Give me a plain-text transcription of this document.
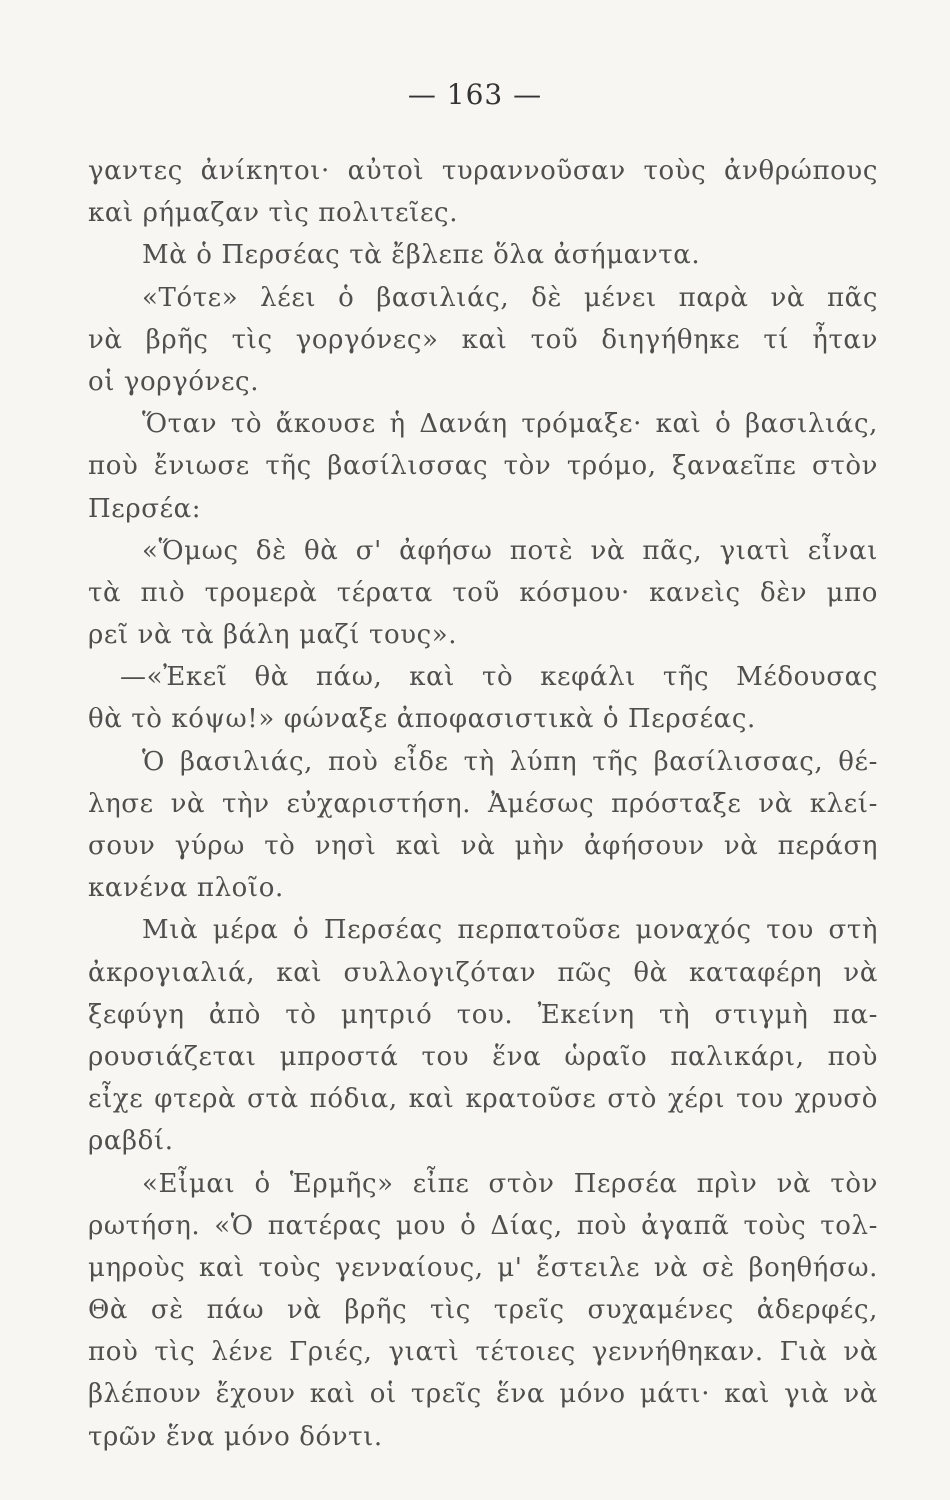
— 163 —
γαντες ἀνίκητοι· αὐτοὶ τυραννοῦσαν τοὺς ἀνθρώπους
καὶ ρήμαζαν τὶς πολιτεῖες.
Μὰ ὁ Περσέας τὰ ἔβλεπε ὅλα ἀσήμαντα.
«Τότε» λέει ὁ βασιλιάς, δὲ μένει παρὰ νὰ πᾶς
νὰ βρῆς τὶς γοργόνες» καὶ τοῦ διηγήθηκε τί ἦταν
οἱ γοργόνες.
Ὅταν τὸ ἄκουσε ἡ Δανάη τρόμαξε· καὶ ὁ βασιλιάς,
ποὺ ἔνιωσε τῆς βασίλισσας τὸν τρόμο, ξαναεῖπε στὸν
Περσέα:
«Ὅμως δὲ θὰ σ' ἀφήσω ποτὲ νὰ πᾶς, γιατὶ εἶναι
τὰ πιὸ τρομερὰ τέρατα τοῦ κόσμου· κανεὶς δὲν μπο
ρεῖ νὰ τὰ βάλη μαζί τους».
—«Ἐκεῖ θὰ πάω, καὶ τὸ κεφάλι τῆς Μέδουσας
θὰ τὸ κόψω!» φώναξε ἀποφασιστικὰ ὁ Περσέας.
Ὁ βασιλιάς, ποὺ εἶδε τὴ λύπη τῆς βασίλισσας, θέ-
λησε νὰ τὴν εὐχαριστήση. Ἀμέσως πρόσταξε νὰ κλεί-
σουν γύρω τὸ νησὶ καὶ νὰ μὴν ἀφήσουν νὰ περάση
κανένα πλοῖο.
Μιὰ μέρα ὁ Περσέας περπατοῦσε μοναχός του στὴ
ἀκρογιαλιά, καὶ συλλογιζόταν πῶς θὰ καταφέρη νὰ
ξεφύγη ἀπὸ τὸ μητριό του. Ἐκείνη τὴ στιγμὴ πα-
ρουσιάζεται μπροστά του ἕνα ὡραῖο παλικάρι, ποὺ
εἶχε φτερὰ στὰ πόδια, καὶ κρατοῦσε στὸ χέρι του χρυσὸ
ραβδί.
«Εἶμαι ὁ Ἑρμῆς» εἶπε στὸν Περσέα πρὶν νὰ τὸν
ρωτήση. «Ὁ πατέρας μου ὁ Δίας, ποὺ ἀγαπᾶ τοὺς τολ-
μηροὺς καὶ τοὺς γενναίους, μ' ἔστειλε νὰ σὲ βοηθήσω.
Θὰ σὲ πάω νὰ βρῆς τὶς τρεῖς συχαμένες ἀδερφές,
ποὺ τὶς λένε Γριές, γιατὶ τέτοιες γεννήθηκαν. Γιὰ νὰ
βλέπουν ἔχουν καὶ οἱ τρεῖς ἕνα μόνο μάτι· καὶ γιὰ νὰ
τρῶν ἕνα μόνο δόντι.
